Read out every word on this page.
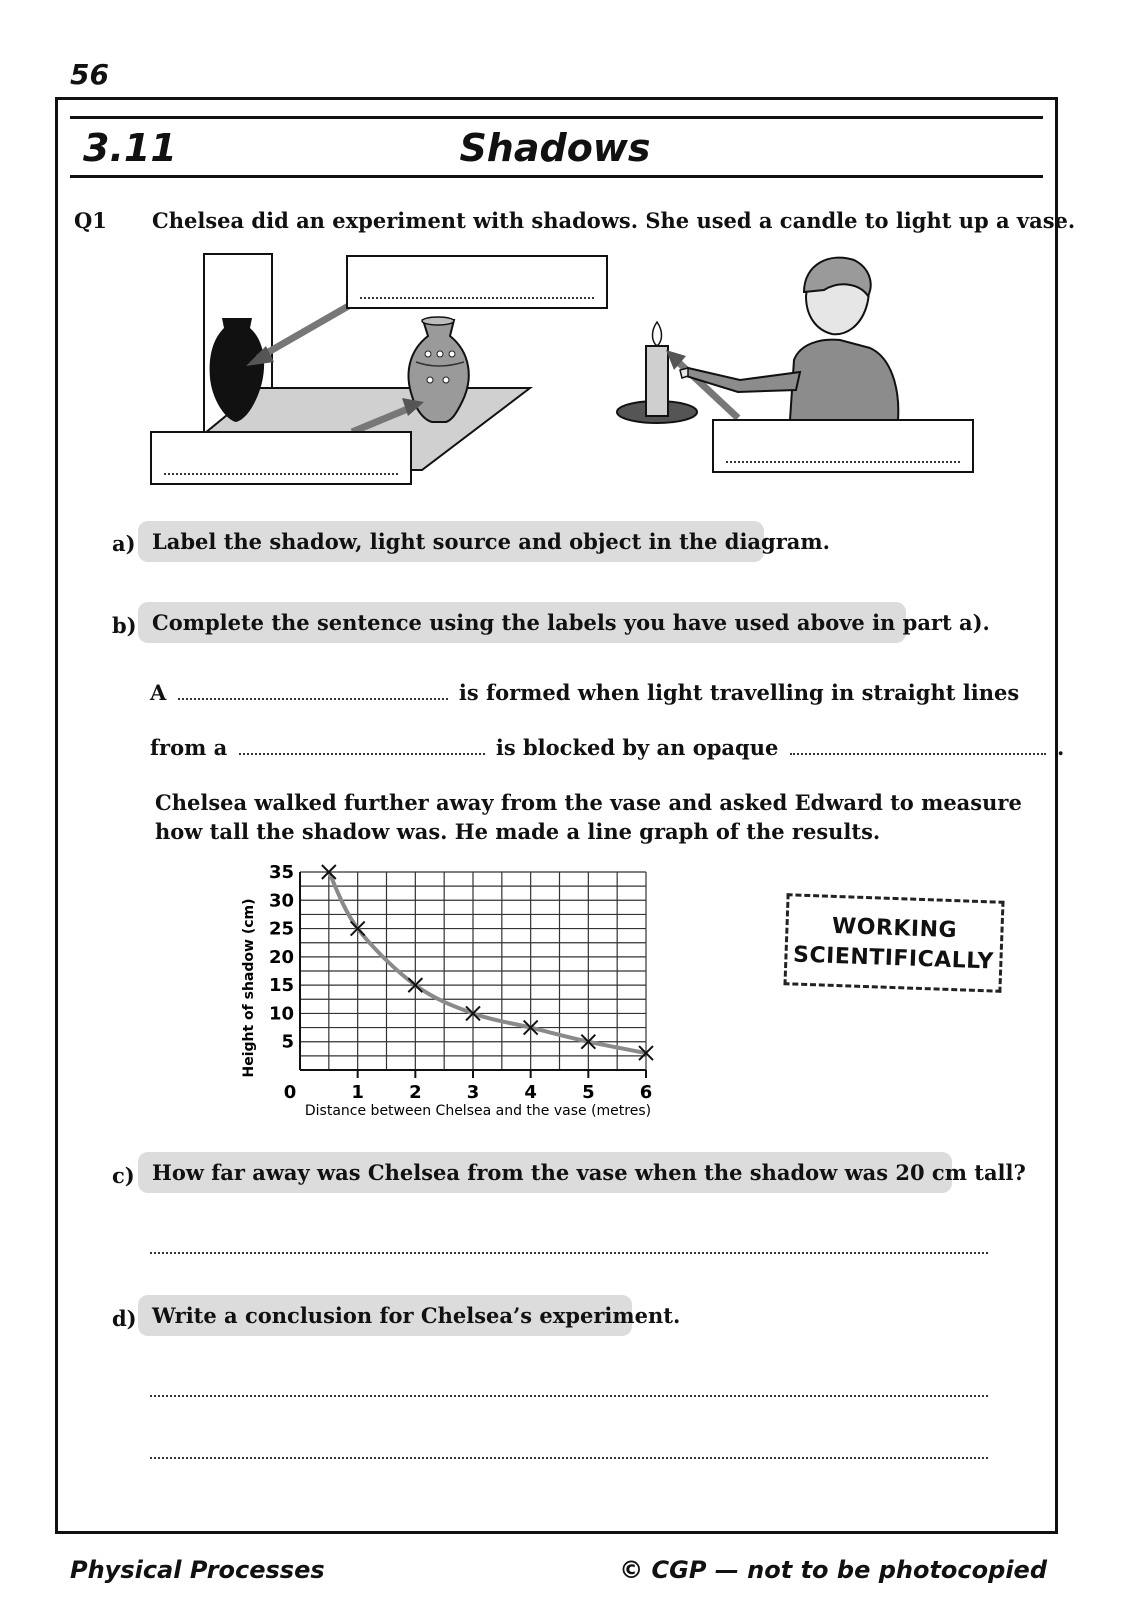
56
3.11	Shadows
Q1 Chelsea did an experiment with shadows. She used a candle to light up a vase.
a) Label the shadow, light source and object in the diagram.
b) Complete the sentence using the labels you have used above in part a).
A	is formed when light travelling in straight lines
from a	is blocked by an opaque	.
Chelsea walked further away from the vase and asked Edward to measure
how tall the shadow was. He made a line graph of the results.
0	1	2	3	4	5	6
5
10
15
20
25
30
35
Distance between Chelsea and the vase (metres)
Height of shadow (cm)	WORKING
SCIENTIFICALLY
c) How far away was Chelsea from the vase when the shadow was 20 cm tall?
d) Write a conclusion for Chelsea’s experiment.
Physical Processes	© CGP — not to be photocopied
